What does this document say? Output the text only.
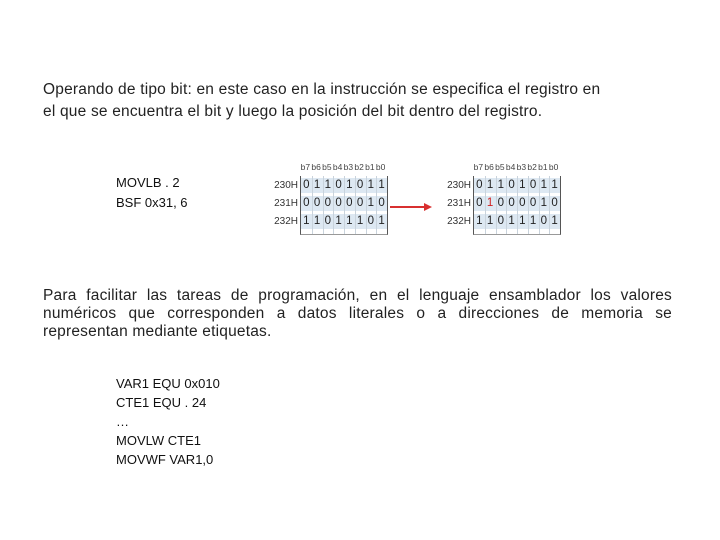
Operando de tipo bit: en este caso en la instrucción se especifica el registro en
el que se encuentra el bit y luego la posición del bit dentro del registro.
MOVLB . 2
BSF 0x31, 6
b7 b6 b5 b4 b3 b2 b1 b0
230H
231H
232H
0 1 1 0 1 0 1 1
0 0 0 0 0 0 1 0
1 1 0 1 1 1 0 1
b7 b6 b5 b4 b3 b2 b1 b0
230H
231H
232H
0 1 1 0 1 0 1 1
0 1 0 0 0 0 1 0
1 1 0 1 1 1 0 1
Para facilitar las tareas de programación, en el lenguaje ensamblador los valores numéricos que corresponden a datos literales o a direcciones de memoria se representan mediante etiquetas.
VAR1 EQU 0x010
CTE1 EQU . 24
…
MOVLW CTE1
MOVWF VAR1,0
